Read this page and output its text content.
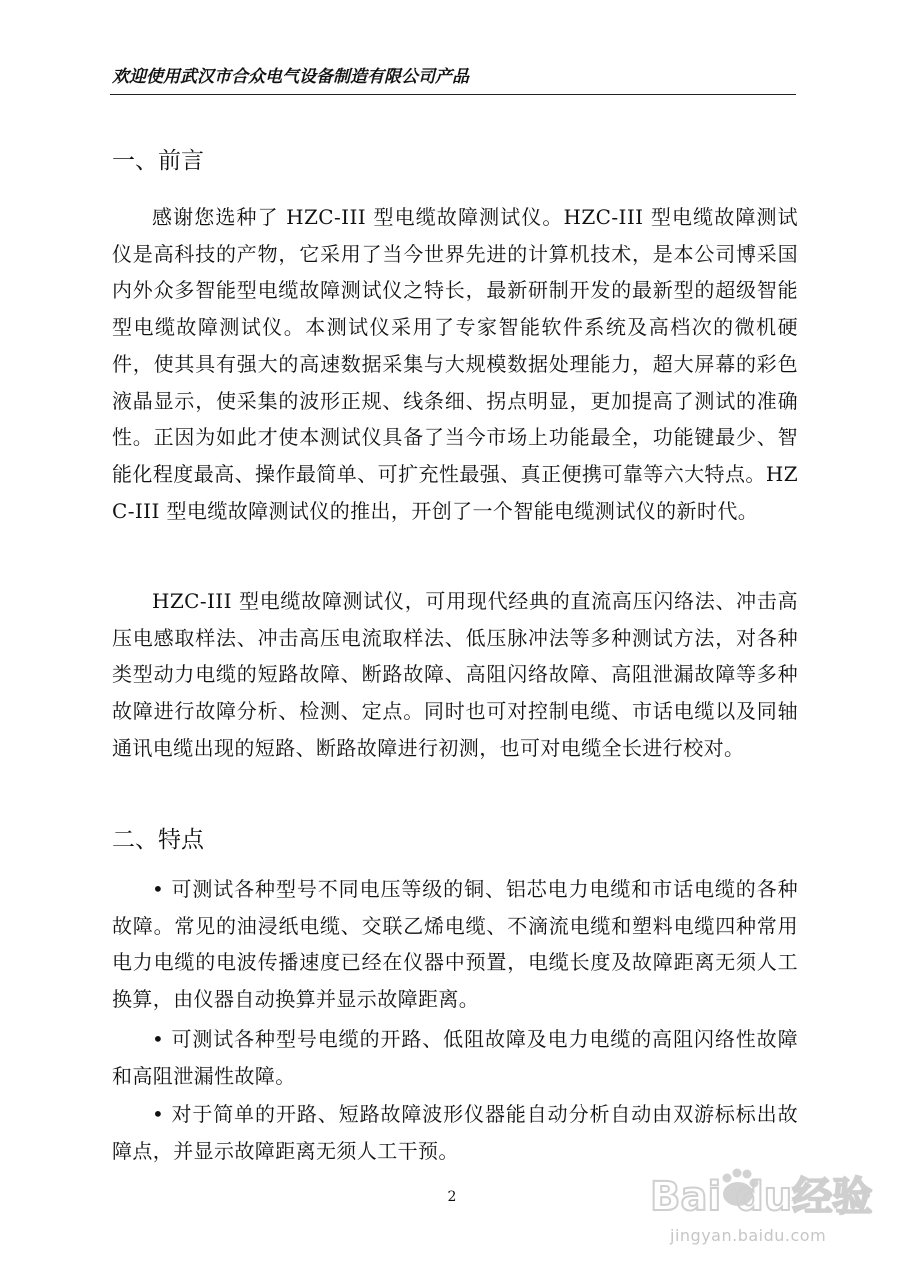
欢迎使用武汉市合众电气设备制造有限公司产品
一、前言

感谢您选种了 HZC-III 型电缆故障测试仪。HZC-III 型电缆故障测试仪是高科技的产物，它采用了当今世界先进的计算机技术，是本公司博采国内外众多智能型电缆故障测试仪之特长，最新研制开发的最新型的超级智能型电缆故障测试仪。本测试仪采用了专家智能软件系统及高档次的微机硬件，使其具有强大的高速数据采集与大规模数据处理能力，超大屏幕的彩色液晶显示，使采集的波形正规、线条细、拐点明显，更加提高了测试的准确性。正因为如此才使本测试仪具备了当今市场上功能最全，功能键最少、智能化程度最高、操作最简单、可扩充性最强、真正便携可靠等六大特点。HZC-III 型电缆故障测试仪的推出，开创了一个智能电缆测试仪的新时代。

HZC-III 型电缆故障测试仪，可用现代经典的直流高压闪络法、冲击高压电感取样法、冲击高压电流取样法、低压脉冲法等多种测试方法，对各种类型动力电缆的短路故障、断路故障、高阻闪络故障、高阻泄漏故障等多种故障进行故障分析、检测、定点。同时也可对控制电缆、市话电缆以及同轴通讯电缆出现的短路、断路故障进行初测，也可对电缆全长进行校对。

二、特点

• 可测试各种型号不同电压等级的铜、铝芯电力电缆和市话电缆的各种故障。常见的油浸纸电缆、交联乙烯电缆、不滴流电缆和塑料电缆四种常用电力电缆的电波传播速度已经在仪器中预置，电缆长度及故障距离无须人工换算，由仪器自动换算并显示故障距离。

• 可测试各种型号电缆的开路、低阻故障及电力电缆的高阻闪络性故障和高阻泄漏性故障。

• 对于简单的开路、短路故障波形仪器能自动分析自动由双游标标出故障点，并显示故障距离无须人工干预。

2	Bai du经验
jingyan.baidu.com
